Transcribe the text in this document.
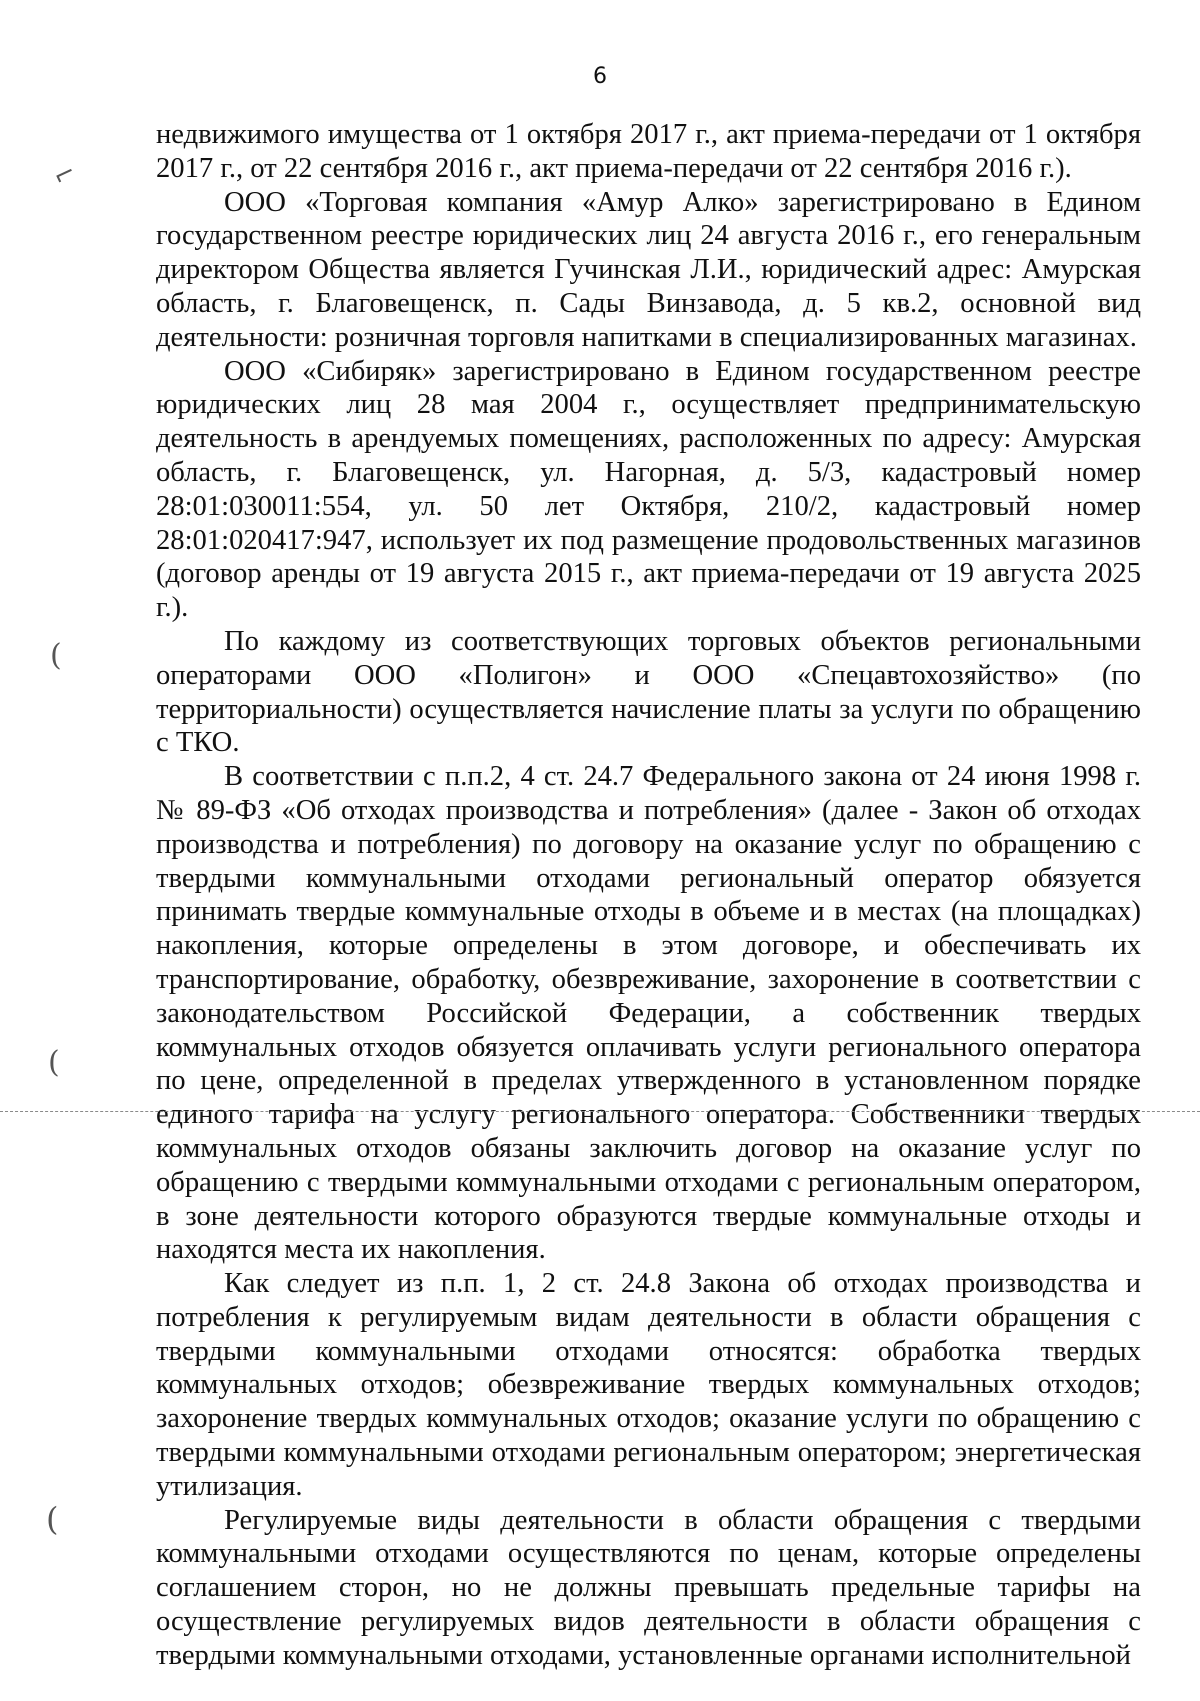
6

недвижимого имущества от 1 октября 2017 г., акт приема-передачи от 1 октября 2017 г., от 22 сентября 2016 г., акт приема-передачи от 22 сентября 2016 г.).

ООО «Торговая компания «Амур Алко» зарегистрировано в Едином государственном реестре юридических лиц 24 августа 2016 г., его генеральным директором Общества является Гучинская Л.И., юридический адрес: Амурская область, г. Благовещенск, п. Сады Винзавода, д. 5 кв.2, основной вид деятельности: розничная торговля напитками в специализированных магазинах.

ООО «Сибиряк» зарегистрировано в Едином государственном реестре юридических лиц 28 мая 2004 г., осуществляет предпринимательскую деятельность в арендуемых помещениях, расположенных по адресу: Амурская область, г. Благовещенск, ул. Нагорная, д. 5/3, кадастровый номер 28:01:030011:554, ул. 50 лет Октября, 210/2, кадастровый номер 28:01:020417:947, использует их под размещение продовольственных магазинов (договор аренды от 19 августа 2015 г., акт приема-передачи от 19 августа 2025 г.).

По каждому из соответствующих торговых объектов региональными операторами ООО «Полигон» и ООО «Спецавтохозяйство» (по территориальности) осуществляется начисление платы за услуги по обращению с ТКО.

В соответствии с п.п.2, 4 ст. 24.7 Федерального закона от 24 июня 1998 г. № 89-ФЗ «Об отходах производства и потребления» (далее - Закон об отходах производства и потребления) по договору на оказание услуг по обращению с твердыми коммунальными отходами региональный оператор обязуется принимать твердые коммунальные отходы в объеме и в местах (на площадках) накопления, которые определены в этом договоре, и обеспечивать их транспортирование, обработку, обезвреживание, захоронение в соответствии с законодательством Российской Федерации, а собственник твердых коммунальных отходов обязуется оплачивать услуги регионального оператора по цене, определенной в пределах утвержденного в установленном порядке единого тарифа на услугу регионального оператора. Собственники твердых коммунальных отходов обязаны заключить договор на оказание услуг по обращению с твердыми коммунальными отходами с региональным оператором, в зоне деятельности которого образуются твердые коммунальные отходы и находятся места их накопления.

Как следует из п.п. 1, 2 ст. 24.8 Закона об отходах производства и потребления к регулируемым видам деятельности в области обращения с твердыми коммунальными отходами относятся: обработка твердых коммунальных отходов; обезвреживание твердых коммунальных отходов; захоронение твердых коммунальных отходов; оказание услуги по обращению с твердыми коммунальными отходами региональным оператором; энергетическая утилизация.

Регулируемые виды деятельности в области обращения с твердыми коммунальными отходами осуществляются по ценам, которые определены соглашением сторон, но не должны превышать предельные тарифы на осуществление регулируемых видов деятельности в области обращения с твердыми коммунальными отходами, установленные органами исполнительной

⌐
(
(
(
